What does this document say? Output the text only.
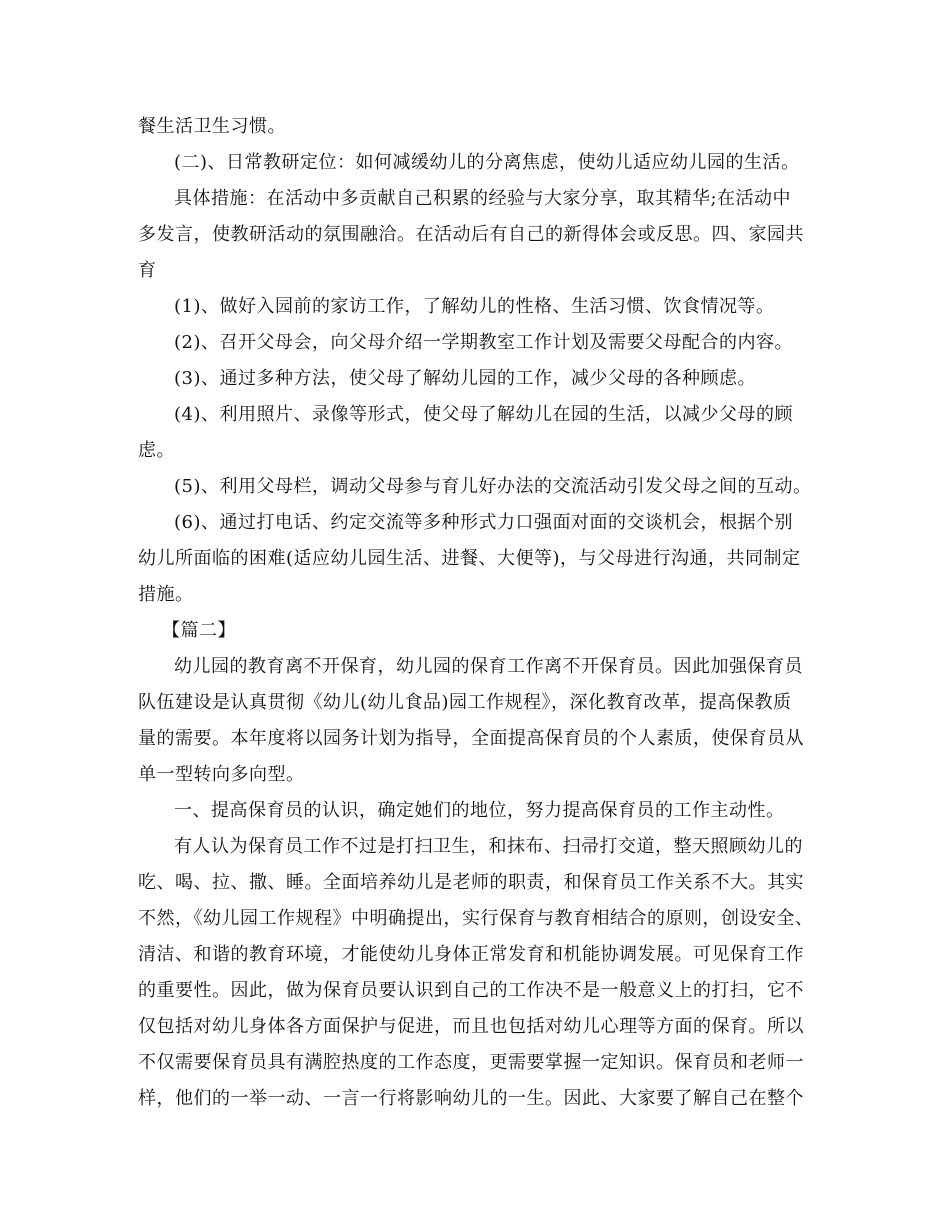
餐生活卫生习惯。
(二)、日常教研定位：如何减缓幼儿的分离焦虑，使幼儿适应幼儿园的生活。
具体措施：在活动中多贡献自己积累的经验与大家分享，取其精华;在活动中
多发言，使教研活动的氛围融洽。在活动后有自己的新得体会或反思。四、家园共
育
(1)、做好入园前的家访工作，了解幼儿的性格、生活习惯、饮食情况等。
(2)、召开父母会，向父母介绍一学期教室工作计划及需要父母配合的内容。
(3)、通过多种方法，使父母了解幼儿园的工作，减少父母的各种顾虑。
(4)、利用照片、录像等形式，使父母了解幼儿在园的生活，以减少父母的顾
虑。
(5)、利用父母栏，调动父母参与育儿好办法的交流活动引发父母之间的互动。
(6)、通过打电话、约定交流等多种形式力口强面对面的交谈机会，根据个别
幼儿所面临的困难(适应幼儿园生活、进餐、大便等)，与父母进行沟通，共同制定
措施。
【篇二】
幼儿园的教育离不开保育，幼儿园的保育工作离不开保育员。因此加强保育员
队伍建设是认真贯彻《幼儿(幼儿食品)园工作规程》，深化教育改革，提高保教质
量的需要。本年度将以园务计划为指导，全面提高保育员的个人素质，使保育员从
单一型转向多向型。
一、提高保育员的认识，确定她们的地位，努力提高保育员的工作主动性。
有人认为保育员工作不过是打扫卫生，和抹布、扫帚打交道，整天照顾幼儿的
吃、喝、拉、撒、睡。全面培养幼儿是老师的职责，和保育员工作关系不大。其实
不然，《幼儿园工作规程》中明确提出，实行保育与教育相结合的原则，创设安全、
清洁、和谐的教育环境，才能使幼儿身体正常发育和机能协调发展。可见保育工作
的重要性。因此，做为保育员要认识到自己的工作决不是一般意义上的打扫，它不
仅包括对幼儿身体各方面保护与促进，而且也包括对幼儿心理等方面的保育。所以
不仅需要保育员具有满腔热度的工作态度，更需要掌握一定知识。保育员和老师一
样，他们的一举一动、一言一行将影响幼儿的一生。因此、大家要了解自己在整个
